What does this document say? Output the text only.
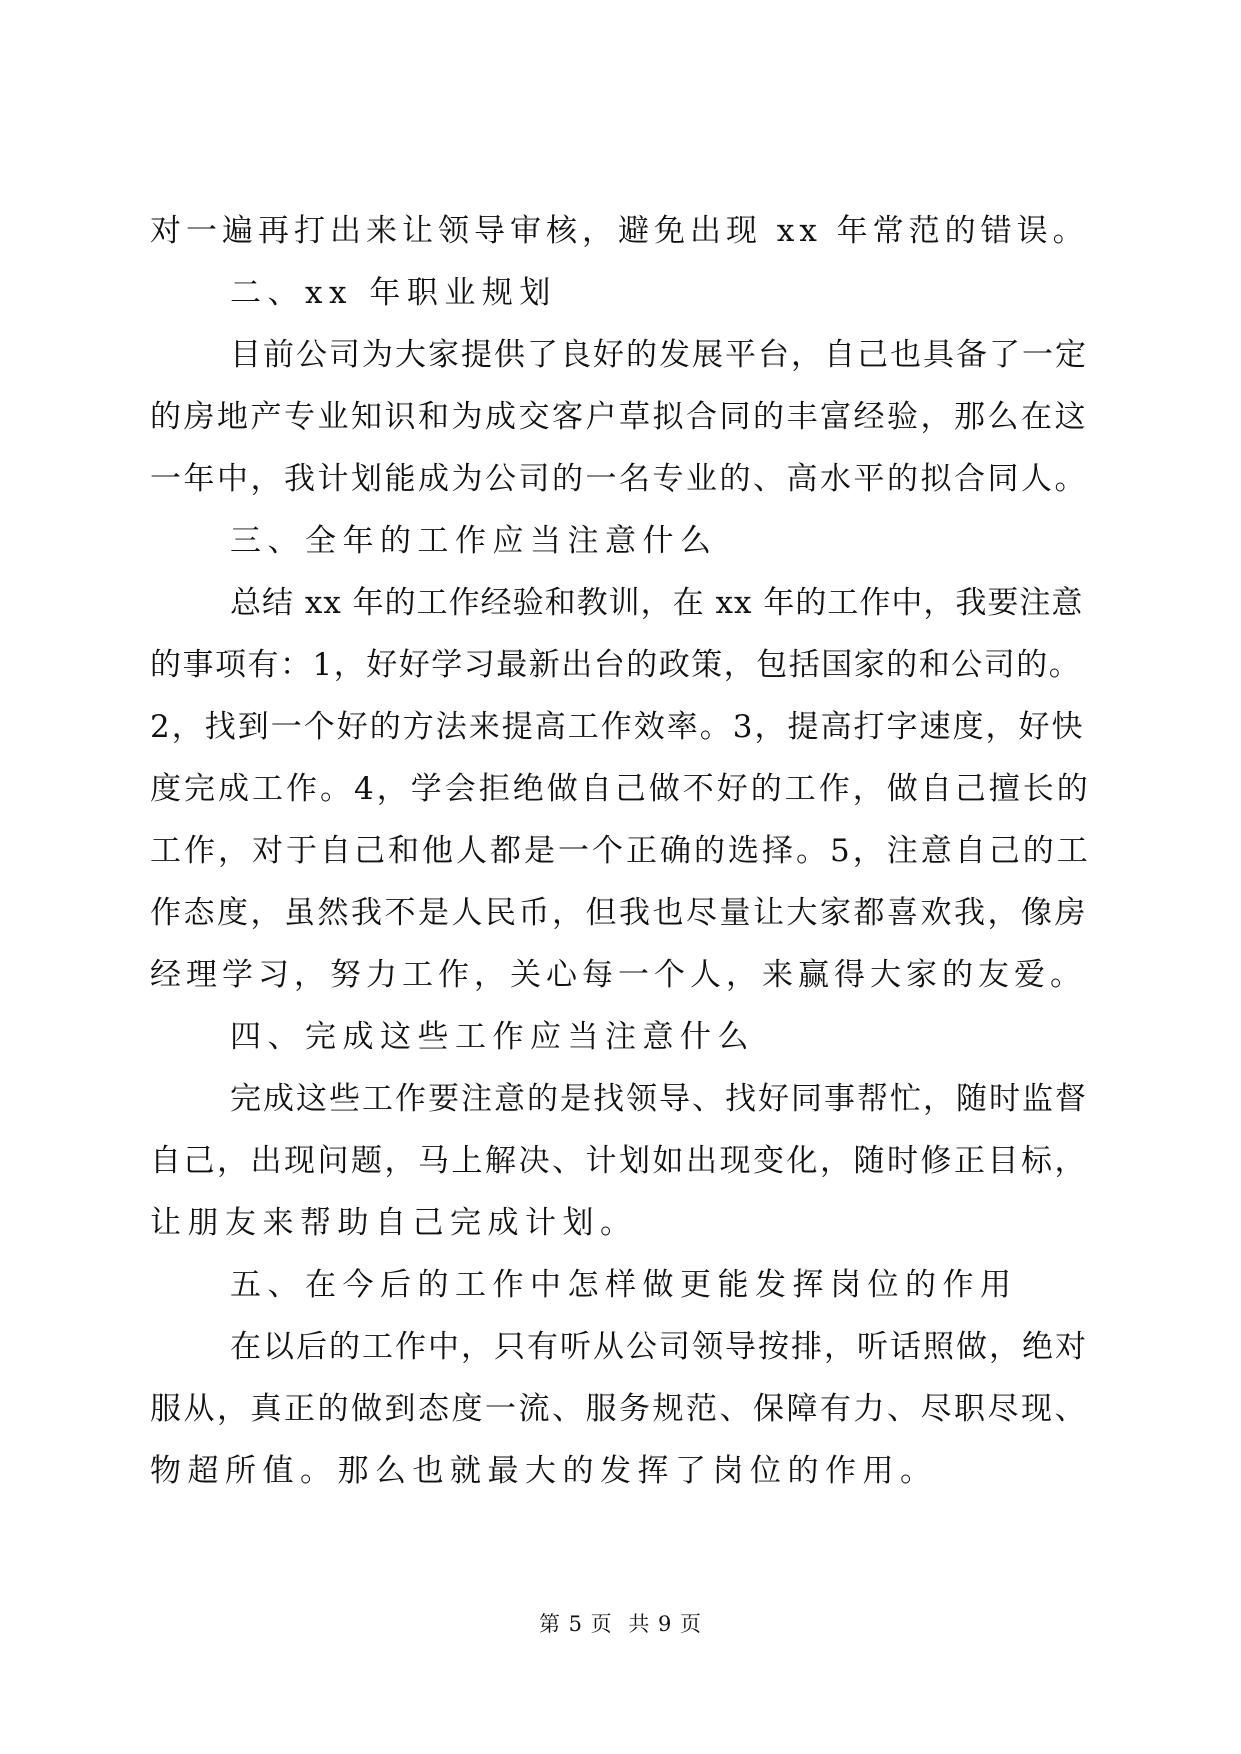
对一遍再打出来让领导审核，避免出现 xx 年常范的错误。
二、xx 年职业规划
目前公司为大家提供了良好的发展平台，自己也具备了一定
的房地产专业知识和为成交客户草拟合同的丰富经验，那么在这
一年中，我计划能成为公司的一名专业的、高水平的拟合同人。
三、全年的工作应当注意什么
总结 xx 年的工作经验和教训，在 xx 年的工作中，我要注意
的事项有：1，好好学习最新出台的政策，包括国家的和公司的。
2，找到一个好的方法来提高工作效率。3，提高打字速度，好快
度完成工作。4，学会拒绝做自己做不好的工作，做自己擅长的
工作，对于自己和他人都是一个正确的选择。5，注意自己的工
作态度，虽然我不是人民币，但我也尽量让大家都喜欢我，像房
经理学习，努力工作，关心每一个人，来赢得大家的友爱。
四、完成这些工作应当注意什么
完成这些工作要注意的是找领导、找好同事帮忙，随时监督
自己，出现问题，马上解决、计划如出现变化，随时修正目标，
让朋友来帮助自己完成计划。
五、在今后的工作中怎样做更能发挥岗位的作用
在以后的工作中，只有听从公司领导按排，听话照做，绝对
服从，真正的做到态度一流、服务规范、保障有力、尽职尽现、
物超所值。那么也就最大的发挥了岗位的作用。
第 5 页 共 9 页
